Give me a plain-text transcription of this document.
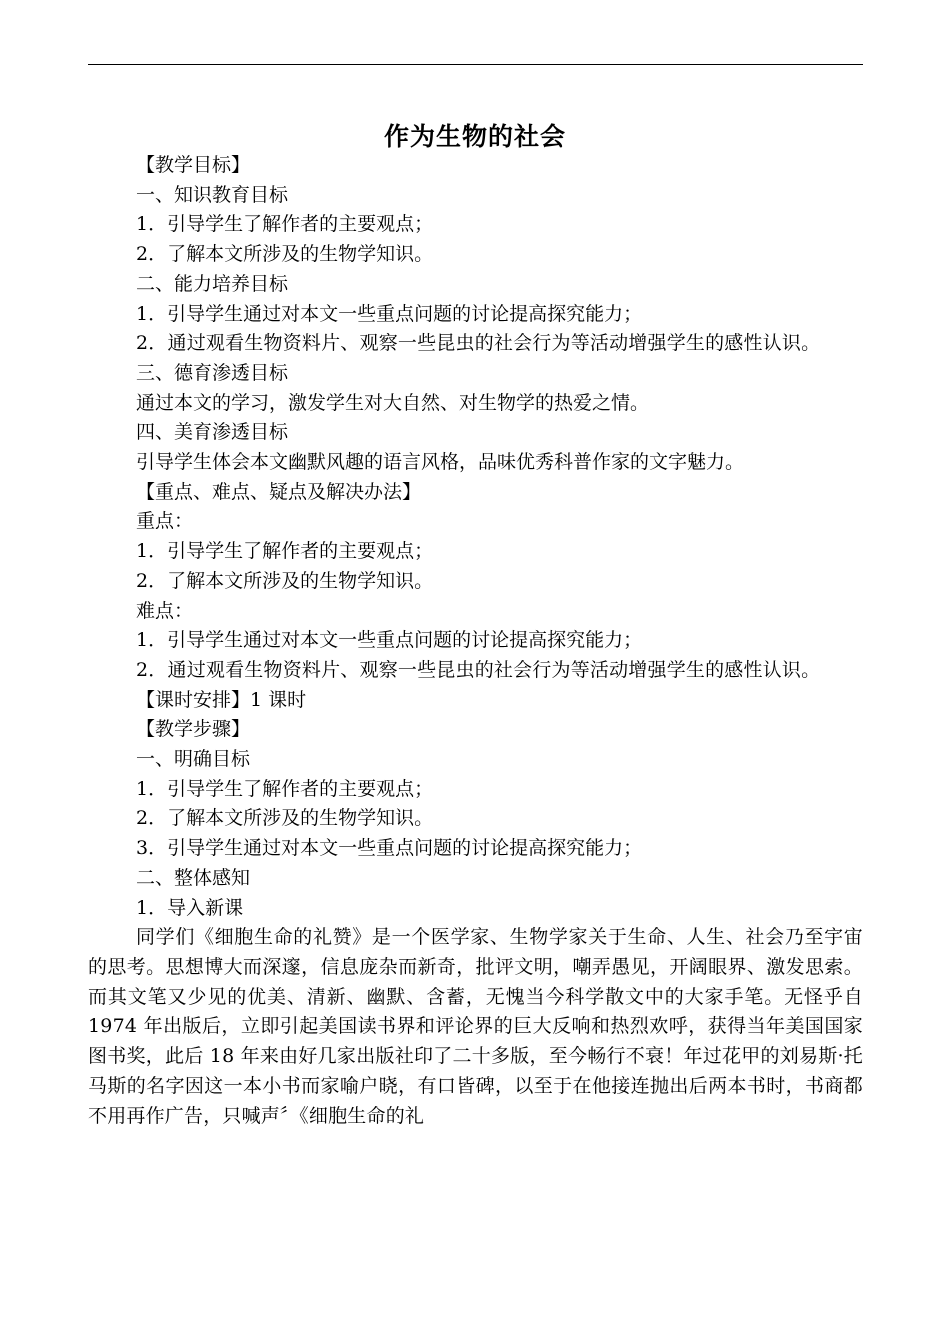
作为生物的社会

【教学目标】

一、知识教育目标

1．引导学生了解作者的主要观点；

2．了解本文所涉及的生物学知识。

二、能力培养目标

1．引导学生通过对本文一些重点问题的讨论提高探究能力；

2．通过观看生物资料片、观察一些昆虫的社会行为等活动增强学生的感性认识。

三、德育渗透目标

通过本文的学习，激发学生对大自然、对生物学的热爱之情。

四、美育渗透目标

引导学生体会本文幽默风趣的语言风格，品味优秀科普作家的文字魅力。

【重点、难点、疑点及解决办法】

重点：

1．引导学生了解作者的主要观点；

2．了解本文所涉及的生物学知识。

难点：

1．引导学生通过对本文一些重点问题的讨论提高探究能力；

2．通过观看生物资料片、观察一些昆虫的社会行为等活动增强学生的感性认识。

【课时安排】1 课时

【教学步骤】

一、明确目标

1．引导学生了解作者的主要观点；

2．了解本文所涉及的生物学知识。

3．引导学生通过对本文一些重点问题的讨论提高探究能力；

二、整体感知

1．导入新课

同学们《细胞生命的礼赞》是一个医学家、生物学家关于生命、人生、社会乃至宇宙的思考。思想博大而深邃，信息庞杂而新奇，批评文明，嘲弄愚见，开阔眼界、激发思索。而其文笔又少见的优美、清新、幽默、含蓄，无愧当今科学散文中的大家手笔。无怪乎自 1974 年出版后，立即引起美国读书界和评论界的巨大反响和热烈欢呼，获得当年美国国家图书奖，此后 18 年来由好几家出版社印了二十多版，至今畅行不衰！年过花甲的刘易斯·托马斯的名字因这一本小书而家喻户晓，有口皆碑，以至于在他接连抛出后两本书时，书商都不用再作广告，只喊声〞《细胞生命的礼
